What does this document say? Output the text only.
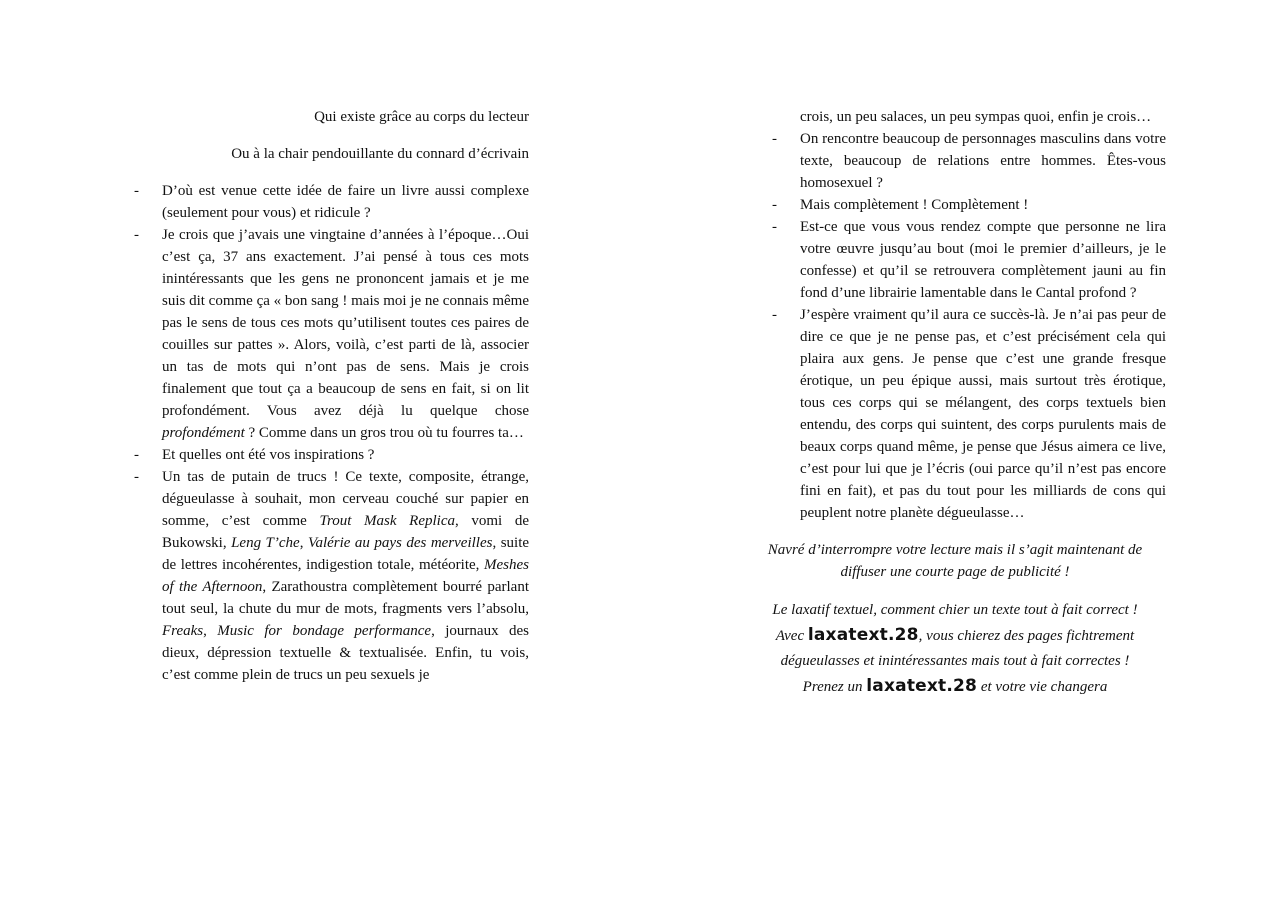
Qui existe grâce au corps du lecteur

Ou à la chair pendouillante du connard d’écrivain

- D’où est venue cette idée de faire un livre aussi complexe (seulement pour vous) et ridicule ?
- Je crois que j’avais une vingtaine d’années à l’époque…Oui c’est ça, 37 ans exactement. J’ai pensé à tous ces mots inintéressants que les gens ne prononcent jamais et je me suis dit comme ça « bon sang ! mais moi je ne connais même pas le sens de tous ces mots qu’utilisent toutes ces paires de couilles sur pattes ». Alors, voilà, c’est parti de là, associer un tas de mots qui n’ont pas de sens. Mais je crois finalement que tout ça a beaucoup de sens en fait, si on lit profondément. Vous avez déjà lu quelque chose profondément ? Comme dans un gros trou où tu fourres ta…
- Et quelles ont été vos inspirations ?
- Un tas de putain de trucs ! Ce texte, composite, étrange, dégueulasse à souhait, mon cerveau couché sur papier en somme, c’est comme Trout Mask Replica, vomi de Bukowski, Leng T’che, Valérie au pays des merveilles, suite de lettres incohérentes, indigestion totale, météorite, Meshes of the Afternoon, Zarathoustra complètement bourré parlant tout seul, la chute du mur de mots, fragments vers l’absolu, Freaks, Music for bondage performance, journaux des dieux, dépression textuelle & textualisée. Enfin, tu vois, c’est comme plein de trucs un peu sexuels je
crois, un peu salaces, un peu sympas quoi, enfin je crois…
- On rencontre beaucoup de personnages masculins dans votre texte, beaucoup de relations entre hommes. Êtes-vous homosexuel ?
- Mais complètement ! Complètement !
- Est-ce que vous vous rendez compte que personne ne lira votre œuvre jusqu’au bout (moi le premier d’ailleurs, je le confesse) et qu’il se retrouvera complètement jauni au fin fond d’une librairie lamentable dans le Cantal profond ?
- J’espère vraiment qu’il aura ce succès-là. Je n’ai pas peur de dire ce que je ne pense pas, et c’est précisément cela qui plaira aux gens. Je pense que c’est une grande fresque érotique, un peu épique aussi, mais surtout très érotique, tous ces corps qui se mélangent, des corps textuels bien entendu, des corps qui suintent, des corps purulents mais de beaux corps quand même, je pense que Jésus aimera ce live, c’est pour lui que je l’écris (oui parce qu’il n’est pas encore fini en fait), et pas du tout pour les milliards de cons qui peuplent notre planète dégueulasse…

Navré d’interrompre votre lecture mais il s’agit maintenant de diffuser une courte page de publicité !

Le laxatif textuel, comment chier un texte tout à fait correct !
Avec laxatext.28, vous chierez des pages fichtrement dégueulasses et inintéressantes mais tout à fait correctes !
Prenez un laxatext.28 et votre vie changera
